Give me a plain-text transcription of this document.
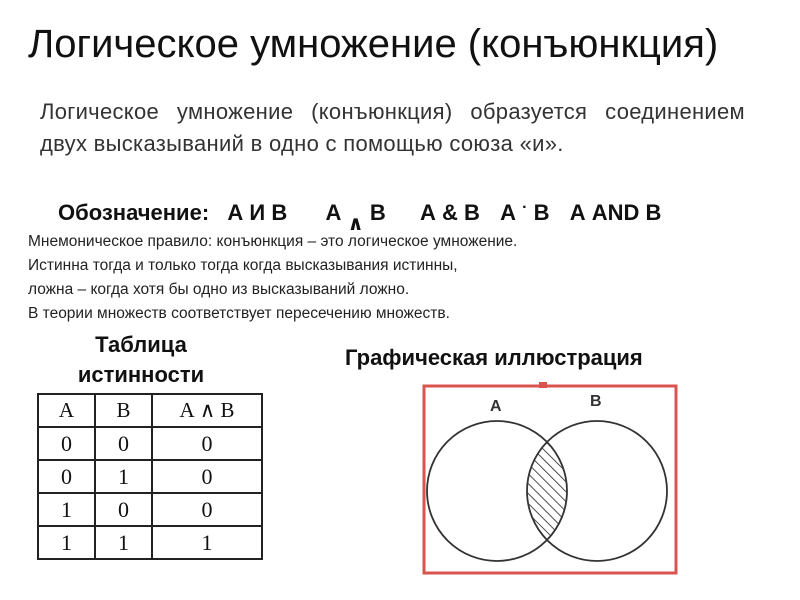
Логическое умножение (конъюнкция)
Логическое умножение (конъюнкция) образуется соединением двух высказываний в одно с помощью союза «и».
Обозначение: А И В А ∧ В А & В А · В А AND В
Мнемоническое правило: конъюнкция – это логическое умножение.
Истинна тогда и только тогда когда высказывания истинны,
ложна – когда хотя бы одно из высказываний ложно.
В теории множеств соответствует пересечению множеств.
Таблица
истинности
А	В	А ∧ В
0	0	0
0	1	0
1	0	0
1	1	1
Графическая иллюстрация
А	В
